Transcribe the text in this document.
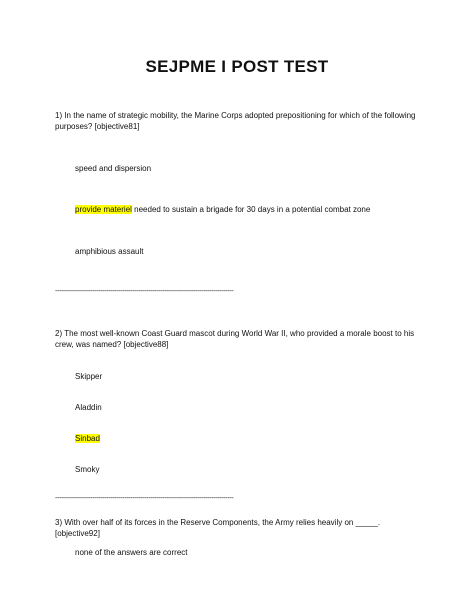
SEJPME I POST TEST
1) In the name of strategic mobility, the Marine Corps adopted prepositioning for which of the following purposes? [objective81]
speed and dispersion
provide materiel needed to sustain a brigade for 30 days in a potential combat zone
amphibious assault
------------------------------------------------------------------------------------------
2) The most well-known Coast Guard mascot during World War II, who provided a morale boost to his crew, was named? [objective88]
Skipper
Aladdin
Sinbad
Smoky
------------------------------------------------------------------------------------------
3) With over half of its forces in the Reserve Components, the Army relies heavily on _____. [objective92]
none of the answers are correct
